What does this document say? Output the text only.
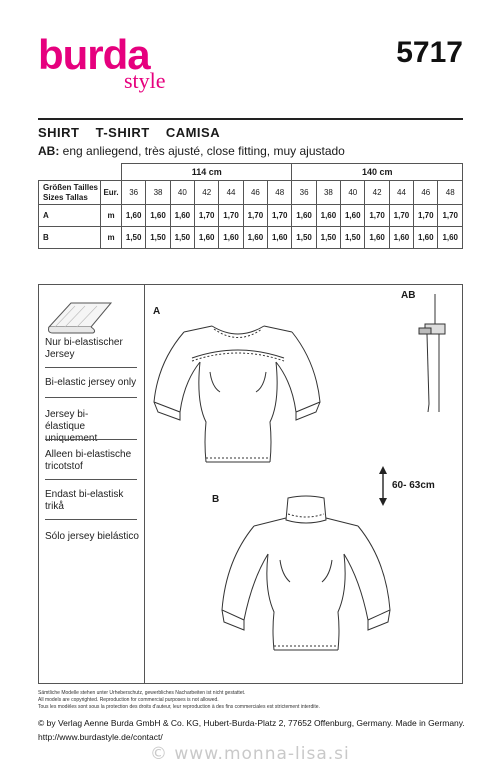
burda
style
5717
SHIRT T-SHIRT CAMISA
AB: eng anliegend, très ajusté, close fitting, muy ajustado
		114 cm							140 cm						

Größen Tailles
Sizes Tallas	Eur.	36	38	40	42	44	46	48	36	38	40	42	44	46	48
A	m	1,60	1,60	1,60	1,70	1,70	1,70	1,70	1,60	1,60	1,60	1,70	1,70	1,70	1,70
B	m	1,50	1,50	1,50	1,60	1,60	1,60	1,60	1,50	1,50	1,50	1,60	1,60	1,60	1,60
Nur bi-elastischer Jersey
Bi-elastic jersey only
Jersey bi-élastique
Alleen bi-elastische tricotstof
Endast bi-elastisk trikå
Sólo jersey bielástico
A
B
AB
60- 63cm
Sämtliche Modelle stehen unter Urheberschutz, gewerbliches Nacharbeiten ist nicht gestattet.
All models are copyrighted. Reproduction for commercial purposes is not allowed.
Tous les modèles sont sous la protection des droits d'auteur, leur reproduction à des fins commerciales est strictement interdite.
© by Verlag Aenne Burda GmbH & Co. KG, Hubert-Burda-Platz 2, 77652 Offenburg, Germany. Made in Germany.
http://www.burdastyle.de/contact/
© www.monna-lisa.si
